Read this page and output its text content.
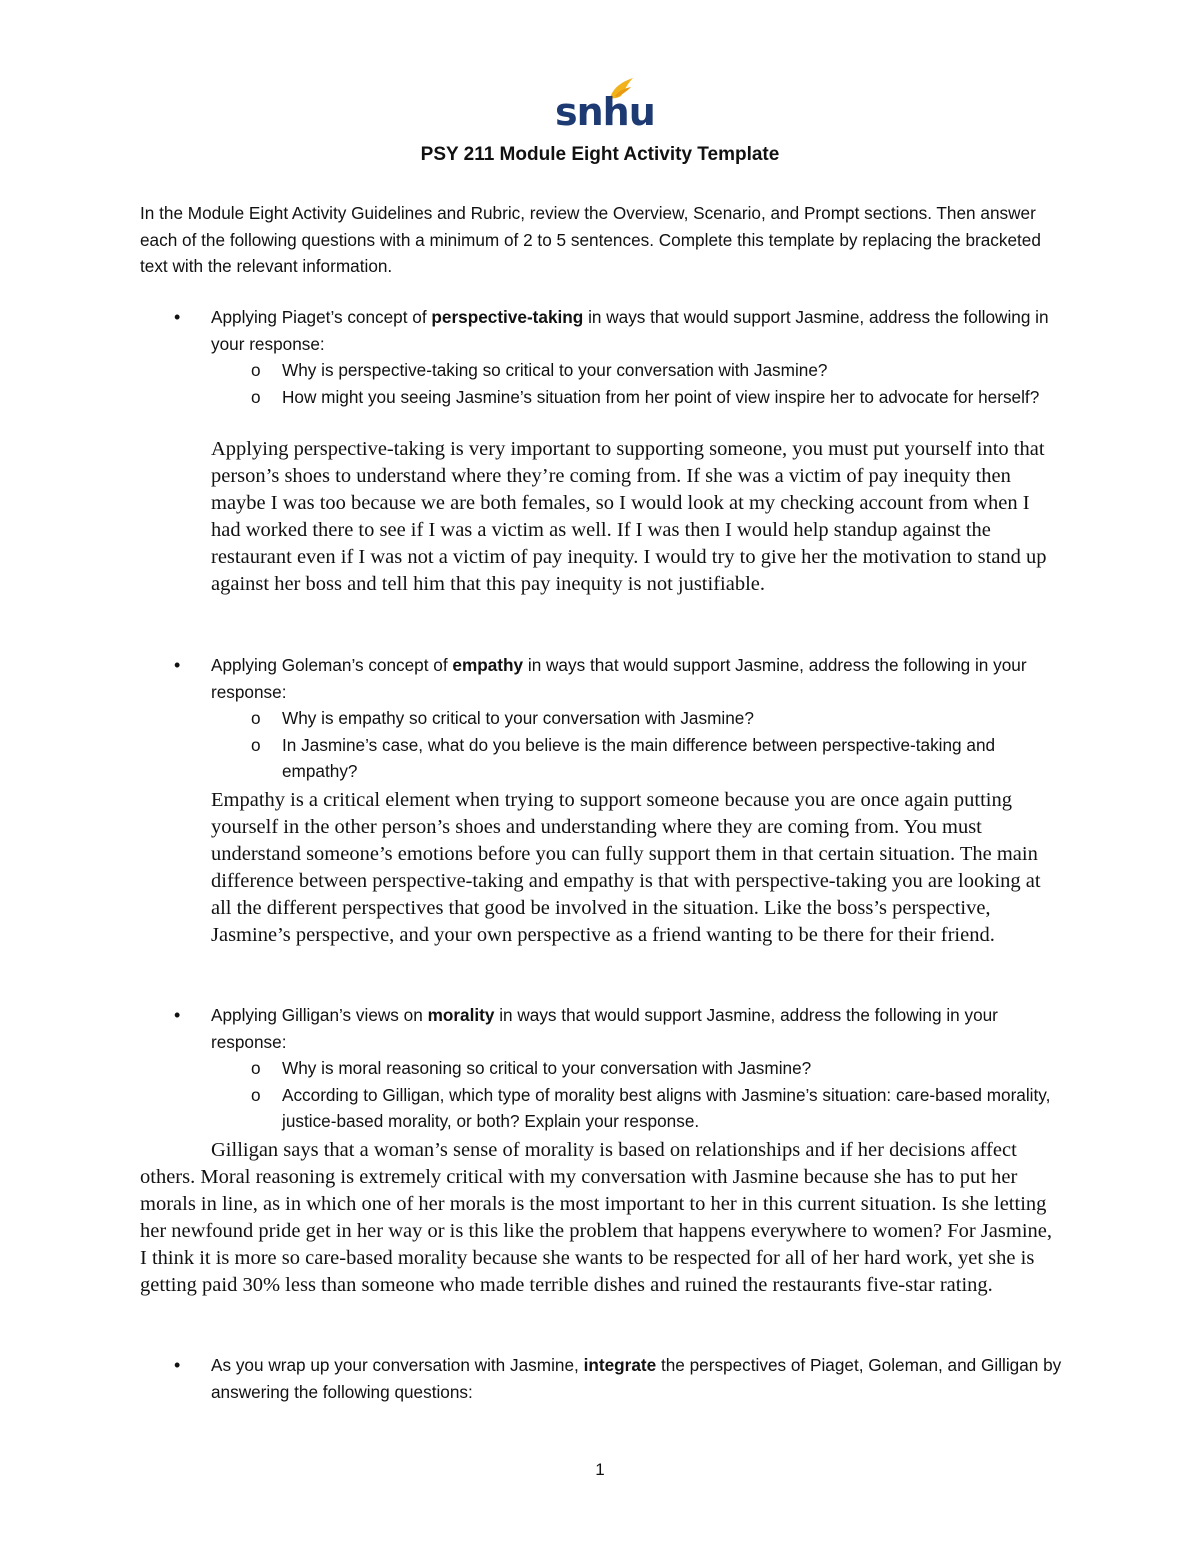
snhu
PSY 211 Module Eight Activity Template
In the Module Eight Activity Guidelines and Rubric, review the Overview, Scenario, and Prompt sections. Then answer each of the following questions with a minimum of 2 to 5 sentences. Complete this template by replacing the bracketed text with the relevant information.
• Applying Piaget’s concept of perspective-taking in ways that would support Jasmine, address the following in your response:
o Why is perspective-taking so critical to your conversation with Jasmine?
o How might you seeing Jasmine’s situation from her point of view inspire her to advocate for herself?
Applying perspective-taking is very important to supporting someone, you must put yourself into that person’s shoes to understand where they’re coming from. If she was a victim of pay inequity then maybe I was too because we are both females, so I would look at my checking account from when I had worked there to see if I was a victim as well. If I was then I would help standup against the restaurant even if I was not a victim of pay inequity. I would try to give her the motivation to stand up against her boss and tell him that this pay inequity is not justifiable.
• Applying Goleman’s concept of empathy in ways that would support Jasmine, address the following in your response:
o Why is empathy so critical to your conversation with Jasmine?
o In Jasmine’s case, what do you believe is the main difference between perspective-taking and empathy?
Empathy is a critical element when trying to support someone because you are once again putting yourself in the other person’s shoes and understanding where they are coming from. You must understand someone’s emotions before you can fully support them in that certain situation. The main difference between perspective-taking and empathy is that with perspective-taking you are looking at all the different perspectives that good be involved in the situation. Like the boss’s perspective, Jasmine’s perspective, and your own perspective as a friend wanting to be there for their friend.
• Applying Gilligan’s views on morality in ways that would support Jasmine, address the following in your response:
o Why is moral reasoning so critical to your conversation with Jasmine?
o According to Gilligan, which type of morality best aligns with Jasmine’s situation: care-based morality, justice-based morality, or both? Explain your response.
Gilligan says that a woman’s sense of morality is based on relationships and if her decisions affect others. Moral reasoning is extremely critical with my conversation with Jasmine because she has to put her morals in line, as in which one of her morals is the most important to her in this current situation. Is she letting her newfound pride get in her way or is this like the problem that happens everywhere to women? For Jasmine, I think it is more so care-based morality because she wants to be respected for all of her hard work, yet she is getting paid 30% less than someone who made terrible dishes and ruined the restaurants five-star rating.
• As you wrap up your conversation with Jasmine, integrate the perspectives of Piaget, Goleman, and Gilligan by answering the following questions:
1
